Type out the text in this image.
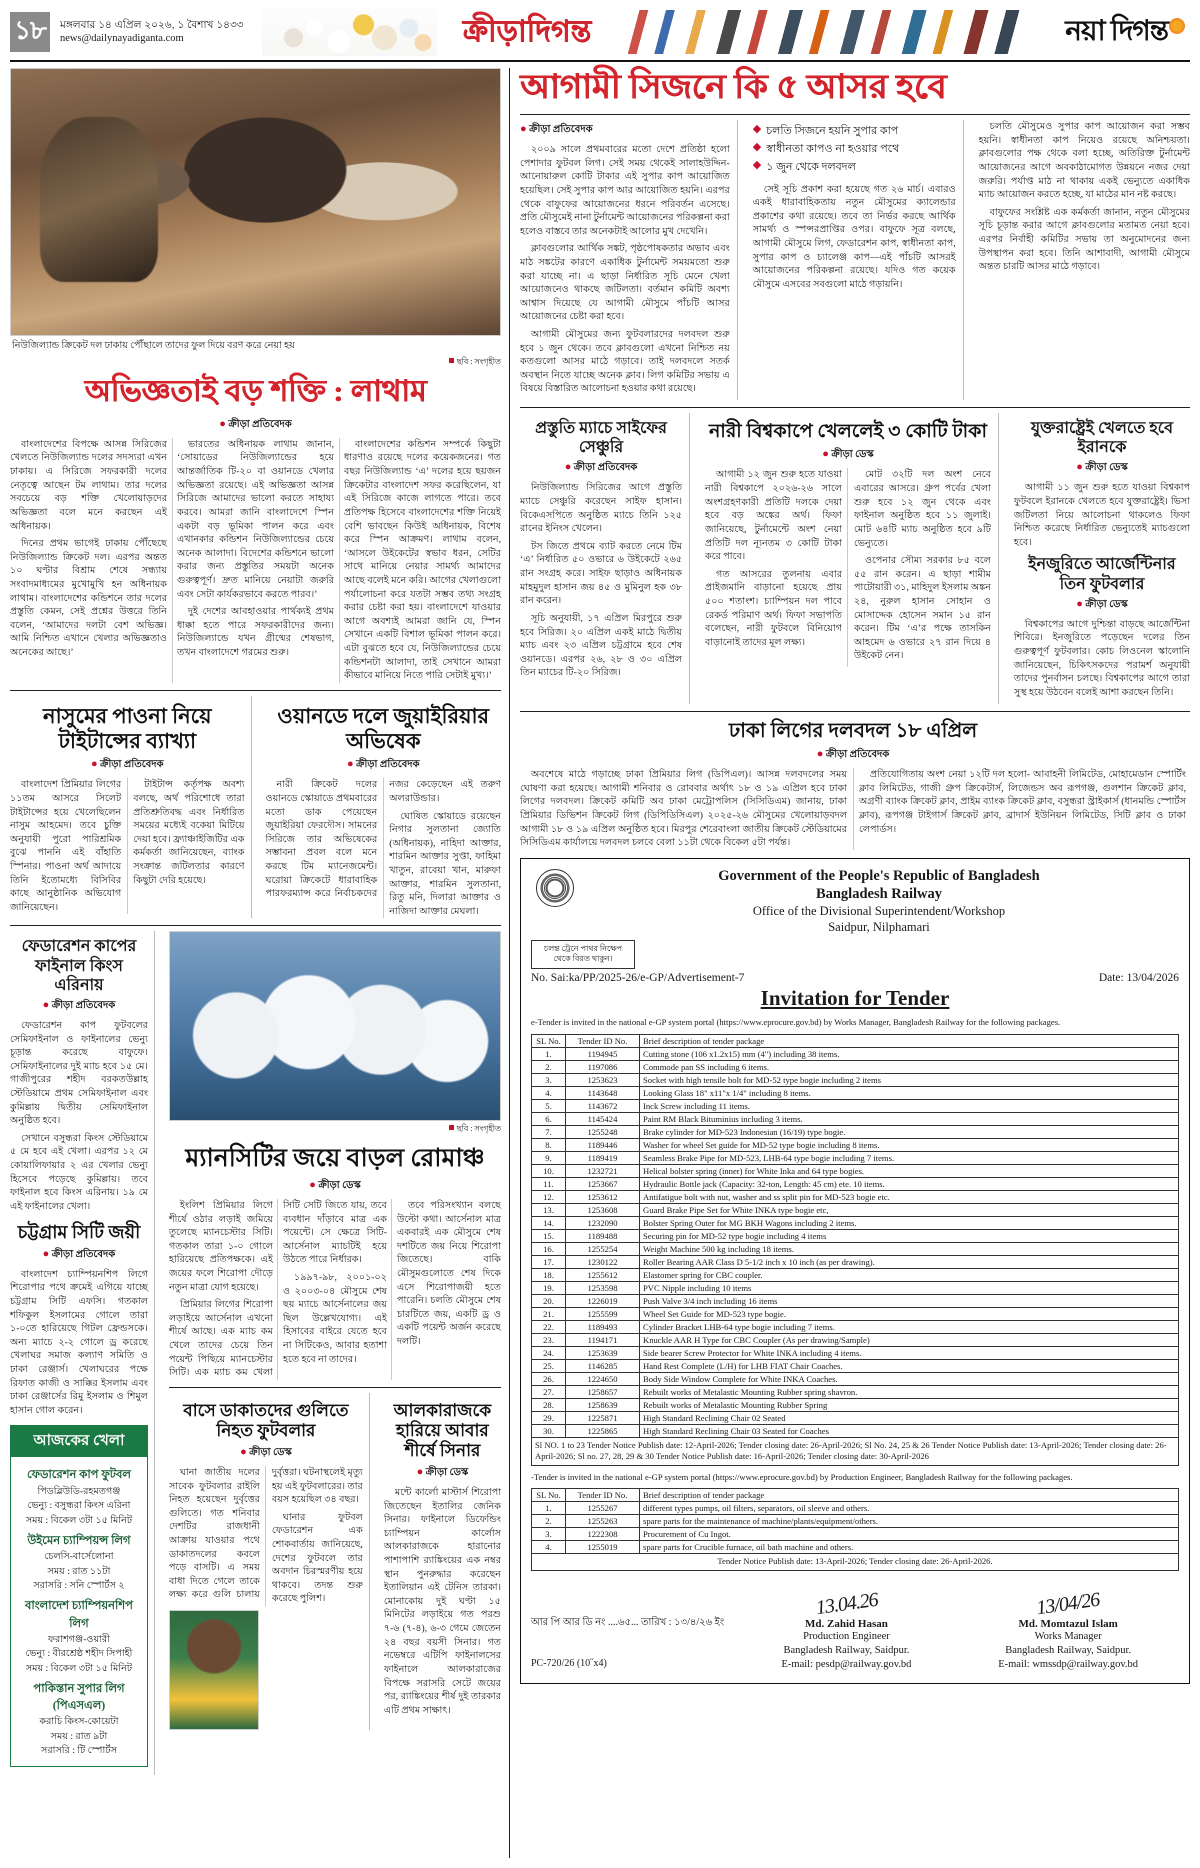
১৮	মঙ্গলবার ১৪ এপ্রিল ২০২৬, ১ বৈশাখ ১৪৩৩
news@dailynayadiganta.com	ক্রীড়াদিগন্ত	নয়া দিগন্ত
নিউজিল্যান্ড ক্রিকেট দল ঢাকায় পৌঁছালে তাদের ফুল দিয়ে বরণ করে নেয়া হয়
ছবি : সংগৃহীত
অভিজ্ঞতাই বড় শক্তি : লাথাম
● ক্রীড়া প্রতিবেদক

বাংলাদেশের বিপক্ষে আসন্ন সিরিজের খেলতে নিউজিল্যান্ড দলের সদস্যরা এখন ঢাকায়। এ সিরিজে সফরকারী দলের নেতৃত্বে আছেন টম লাথাম। তার দলের সবচেয়ে বড় শক্তি খেলোয়াড়দের অভিজ্ঞতা বলে মনে করছেন এই অধিনায়ক।

দিনের প্রথম ভাগেই ঢাকায় পৌঁছেছে নিউজিল্যান্ড ক্রিকেট দল। এরপর অন্তত ১০ ঘণ্টার বিশ্রাম শেষে সন্ধ্যায় সংবাদমাধ্যমের মুখোমুখি হন অধিনায়ক লাথাম। বাংলাদেশের কন্ডিশনে তার দলের প্রস্তুতি কেমন, সেই প্রশ্নের উত্তরে তিনি বলেন, ‘আমাদের দলটা বেশ অভিজ্ঞ। আমি নিশ্চিত এখানে খেলার অভিজ্ঞতাও অনেকের আছে।’

ভারতের অধিনায়ক লাথাম জানান, ‘সোয়াডের নিউজিল্যান্ডের হয়ে আন্তর্জাতিক টি-২০ বা ওয়ানডে খেলার অভিজ্ঞতা রয়েছে। এই অভিজ্ঞতা আসন্ন সিরিজে আমাদের ভালো করতে সাহায্য করবে। আমরা জানি বাংলাদেশে স্পিন একটা বড় ভূমিকা পালন করে এবং এখানকার কন্ডিশন নিউজিল্যান্ডের চেয়ে অনেক আলাদা। বিদেশের কন্ডিশনে ভালো করার জন্য প্রস্তুতির সময়টা অনেক গুরুত্বপূর্ণ। দ্রুত মানিয়ে নেয়াটা জরুরি এবং সেটা কার্যকরভাবে করতে পারব।’

দুই দেশের আবহাওয়ার পার্থক্যই প্রথম ধাক্কা হতে পারে সফরকারীদের জন্য। নিউজিল্যান্ডে যখন গ্রীষ্মের শেষভাগ, তখন বাংলাদেশে গরমের শুরু।

বাংলাদেশের কন্ডিশন সম্পর্কে কিছুটা ধারণাও রয়েছে দলের কয়েকজনের। গত বছর নিউজিল্যান্ড ‘এ’ দলের হয়ে ছয়জন ক্রিকেটার বাংলাদেশ সফর করেছিলেন, যা এই সিরিজে কাজে লাগতে পারে। তবে প্রতিপক্ষ হিসেবে বাংলাদেশের শক্তি নিয়েই বেশি ভাবছেন কিউই অধিনায়ক, বিশেষ করে স্পিন আক্রমণ। লাথাম বলেন, ‘আসলে উইকেটের স্বভাব ধরন, সেটির সাথে মানিয়ে নেয়ার সামর্থ্য আমাদের আছে বলেই মনে করি। আগের খেলাগুলো পর্যালোচনা করে যতটা সম্ভব তথ্য সংগ্রহ করার চেষ্টা করা হয়। বাংলাদেশে যাওয়ার আগে অবশ্যই আমরা জানি যে, স্পিন সেখানে একটি বিশাল ভূমিকা পালন করে। এটা বুঝতে হবে যে, নিউজিল্যান্ডের চেয়ে কন্ডিশনটা আলাদা, তাই সেখানে আমরা কীভাবে মানিয়ে নিতে পারি সেটাই মুখ্য।’

নাসুমের পাওনা নিয়ে টাইটান্সের ব্যাখ্যা
● ক্রীড়া প্রতিবেদক

বাংলাদেশ প্রিমিয়ার লিগের ১১তম আসরে সিলেট টাইটান্সের হয়ে খেলেছিলেন নাসুম আহমেদ। তবে চুক্তি অনুযায়ী পুরো পারিশ্রমিক বুঝে পাননি এই বাঁহাতি স্পিনার। পাওনা অর্থ আদায়ে তিনি ইতোমধ্যে বিসিবির কাছে আনুষ্ঠানিক অভিযোগ জানিয়েছেন।

টাইটান্স কর্তৃপক্ষ অবশ্য বলছে, অর্থ পরিশোধে তারা প্রতিশ্রুতিবদ্ধ এবং নির্ধারিত সময়ের মধ্যেই বকেয়া মিটিয়ে দেয়া হবে। ফ্র্যাঞ্চাইজিটির এক কর্মকর্তা জানিয়েছেন, ব্যাংক সংক্রান্ত জটিলতার কারণে কিছুটা দেরি হয়েছে।

ওয়ানডে দলে জুয়াইরিয়ার অভিষেক
● ক্রীড়া প্রতিবেদক

নারী ক্রিকেট দলের ওয়ানডে স্কোয়াডে প্রথমবারের মতো ডাক পেয়েছেন জুয়াইরিয়া ফেরদৌস। সামনের সিরিজে তার অভিষেকের সম্ভাবনা প্রবল বলে মনে করছে টিম ম্যানেজমেন্ট। ঘরোয়া ক্রিকেটে ধারাবাহিক পারফরম্যান্স করে নির্বাচকদের নজর কেড়েছেন এই তরুণ অলরাউন্ডার।

ঘোষিত স্কোয়াডে রয়েছেন নিগার সুলতানা জ্যোতি (অধিনায়ক), নাহিদা আক্তার, শারমিন আক্তার সুপ্তা, ফাহিমা খাতুন, রাবেয়া খান, মারুফা আক্তার, শারমিন সুলতানা, রিতু মনি, দিলারা আক্তার ও নাজিদা আক্তার মেঘলা।

ফেডারেশন কাপের ফাইনাল কিংস এরিনায়
● ক্রীড়া প্রতিবেদক

ফেডারেশন কাপ ফুটবলের সেমিফাইনাল ও ফাইনালের ভেন্যু চূড়ান্ত করেছে বাফুফে। সেমিফাইনালের দুই ম্যাচ হবে ১৫ মে। গাজীপুরের শহীদ বরকতউল্লাহ স্টেডিয়ামে প্রথম সেমিফাইনাল এবং কুমিল্লায় দ্বিতীয় সেমিফাইনাল অনুষ্ঠিত হবে।

সেখানে বসুন্ধরা কিংস স্টেডিয়ামে ৫ মে হবে এই খেলা। এরপর ১২ মে কোয়ালিফায়ার ২ এর খেলার ভেন্যু হিসেবে পড়েছে কুমিল্লায়। তবে ফাইনাল হবে কিংস এরিনায়। ১৯ মে এই ফাইনালের খেলা।

চট্টগ্রাম সিটি জয়ী
● ক্রীড়া প্রতিবেদক

বাংলাদেশ চ্যাম্পিয়নশিপ লিগে শিরোপার পথে ক্রমেই এগিয়ে যাচ্ছে চট্টগ্রাম সিটি এফসি। গতকাল শফিকুল ইসলামের গোলে তারা ১-০তে হারিয়েছে গিটল ফ্রেন্ডসকে। অন্য ম্যাচে ২-২ গোলে ড্র করেছে খেলাঘর সমাজ কল্যাণ সমিতি ও ঢাকা রেঞ্জার্স। খেলাঘরের পক্ষে রিফাত কাজী ও সাক্কির ইসলাম এবং ঢাকা রেঞ্জার্সের রিমু ইসলাম ও শিমুল হাসান গোল করেন।

আজকের খেলা
ফেডারেশন কাপ ফুটবল
পিডব্লিউডি-রহমতগঞ্জ
ভেন্যু : বসুন্ধরা কিংস এরিনা
সময় : বিকেল ৩টা ১৫ মিনিট
উইমেন চ্যাম্পিয়ন্স লিগ
চেলসি-বার্সেলোনা
সময় : রাত ১১টা
সরাসরি : সনি স্পোর্টস ২
বাংলাদেশ চ্যাম্পিয়নশিপ লিগ
ফরাশগঞ্জ-ওয়ারী
ভেন্যু : বীরশ্রেষ্ঠ শহীদ সিপাহী
সময় : বিকেল ৩টা ১৫ মিনিট
পাকিস্তান সুপার লিগ (পিএসএল)
করাচি কিংস-কোয়েটা
সময় : রাত ৯টা
সরাসরি : টি স্পোর্টস
ছবি : সংগৃহীত
ম্যানসিটির জয়ে বাড়ল রোমাঞ্চ
● ক্রীড়া ডেস্ক

ইংলিশ প্রিমিয়ার লিগে শীর্ষে ওঠার লড়াই জমিয়ে তুলেছে ম্যানচেস্টার সিটি। গতকাল তারা ১-০ গোলে হারিয়েছে প্রতিপক্ষকে। এই জয়ের ফলে শিরোপা দৌড়ে নতুন মাত্রা যোগ হয়েছে।

প্রিমিয়ার লিগের শিরোপা লড়াইয়ে আর্সেনাল এখনো শীর্ষে আছে। এক ম্যাচ কম খেলে তাদের চেয়ে তিন পয়েন্ট পিছিয়ে ম্যানচেস্টার সিটি। এক ম্যাচ কম খেলা সিটি সেটি জিতে যায়, তবে ব্যবধান দাঁড়াবে মাত্র এক পয়েন্টে। সে ক্ষেত্রে সিটি-আর্সেনাল ম্যাচটিই হয়ে উঠতে পারে নির্ধারক।

১৯৯৭-৯৮, ২০০১-০২ ও ২০০৩-০৪ মৌসুমে শেষ ছয় ম্যাচে আর্সেনালের জয় ছিল উল্লেখযোগ্য। এই হিসাবের বাইরে যেতে হবে না সিটিকেও, আবার হতাশা হতে হবে না তাদের।

তবে পরিসংখ্যান বলছে উল্টো কথা। আর্সেনাল মাত্র একবারই এক মৌসুমে শেষ দশটিতে জয় নিয়ে শিরোপা জিতেছে। বাকি মৌসুমগুলোতে শেষ দিকে এসে শিরোপাজয়ী হতে পারেনি। চলতি মৌসুমে শেষ চারটিতে জয়, একটি ড্র ও একটি পয়েন্ট অর্জন করেছে দলটি।

বাসে ডাকাতদের গুলিতে নিহত ফুটবলার
● ক্রীড়া ডেস্ক

ঘানা জাতীয় দলের সাবেক ফুটবলার রাইলি নিহত হয়েছেন দুর্বৃত্তের গুলিতে। গত শনিবার দেশটির রাজধানী আক্রায় যাওয়ার পথে ডাকাতদলের কবলে পড়ে বাসটি। এ সময় বাধা দিতে গেলে তাকে লক্ষ্য করে গুলি চালায় দুর্বৃত্তরা। ঘটনাস্থলেই মৃত্যু হয় এই ফুটবলারের। তার বয়স হয়েছিল ৩৪ বছর।

ঘানার ফুটবল ফেডারেশন এক শোকবার্তায় জানিয়েছে, দেশের ফুটবলে তার অবদান চিরস্মরণীয় হয়ে থাকবে। তদন্ত শুরু করেছে পুলিশ।

আলকারাজকে হারিয়ে আবার শীর্ষে সিনার
● ক্রীড়া ডেস্ক

মন্টে কার্লো মাস্টার্স শিরোপা জিতেছেন ইতালির জেনিক সিনার। ফাইনালে ডিফেন্ডিং চ্যাম্পিয়ন কার্লোস আলকারাজকে হারানোর পাশাপাশি র‍্যাঙ্কিংয়ের এক নম্বর স্থান পুনরুদ্ধার করেছেন ইতালিয়ান এই টেনিস তারকা। মোনাকোয় দুই ঘণ্টা ১৫ মিনিটের লড়াইয়ে গত পরশু ৭-৬ (৭-৪), ৬-৩ গেমে জেতেন ২৪ বছর বয়সী সিনার। গত নভেম্বরে এটিপি ফাইনালসের ফাইনালে আলকারাজের বিপক্ষে সরাসরি সেটে জয়ের পর, র‍্যাঙ্কিংয়ের শীর্ষ দুই তারকার এটি প্রথম সাক্ষাৎ।

আগামী সিজনে কি ৫ আসর হবে
● ক্রীড়া প্রতিবেদক

২০০৯ সালে প্রথমবারের মতো দেশে প্রতিষ্ঠা হলো পেশাদার ফুটবল লিগ। সেই সময় থেকেই সালাহউদ্দিন-আনোয়ারুল কোটি টাকার এই সুপার কাপ আয়োজিত হয়েছিল। সেই সুপার কাপ আর আয়োজিত হয়নি। এরপর থেকে বাফুফের আয়োজনের ধরনে পরিবর্তন এসেছে। প্রতি মৌসুমেই নানা টুর্নামেন্ট আয়োজনের পরিকল্পনা করা হলেও বাস্তবে তার অনেকটাই আলোর মুখ দেখেনি।

ক্লাবগুলোর আর্থিক সঙ্কট, পৃষ্ঠপোষকতার অভাব এবং মাঠ সঙ্কটের কারণে একাধিক টুর্নামেন্ট সময়মতো শুরু করা যাচ্ছে না। এ ছাড়া নির্ধারিত সূচি মেনে খেলা আয়োজনেও থাকছে জটিলতা। বর্তমান কমিটি অবশ্য আশ্বাস দিয়েছে যে আগামী মৌসুমে পাঁচটি আসর আয়োজনের চেষ্টা করা হবে।

আগামী মৌসুমের জন্য ফুটবলারদের দলবদল শুরু হবে ১ জুন থেকে। তবে ক্লাবগুলো এখনো নিশ্চিত নয় কতগুলো আসর মাঠে গড়াবে। তাই দলবদলে সতর্ক অবস্থান নিতে যাচ্ছে অনেক ক্লাব। লিগ কমিটির সভায় এ বিষয়ে বিস্তারিত আলোচনা হওয়ার কথা রয়েছে।

◆ চলতি সিজনে হয়নি সুপার কাপ
◆ স্বাধীনতা কাপও না হওয়ার পথে
◆ ১ জুন থেকে দলবদল

সেই সূচি প্রকাশ করা হয়েছে গত ২৬ মার্চ। এবারও একই ধারাবাহিকতায় নতুন মৌসুমের ক্যালেন্ডার প্রকাশের কথা রয়েছে। তবে তা নির্ভর করছে আর্থিক সামর্থ্য ও স্পন্সরপ্রাপ্তির ওপর। বাফুফে সূত্র বলছে, আগামী মৌসুমে লিগ, ফেডারেশন কাপ, স্বাধীনতা কাপ, সুপার কাপ ও চ্যালেঞ্জ কাপ—এই পাঁচটি আসরই আয়োজনের পরিকল্পনা রয়েছে। যদিও গত কয়েক মৌসুমে এসবের সবগুলো মাঠে গড়ায়নি।

চলতি মৌসুমেও সুপার কাপ আয়োজন করা সম্ভব হয়নি। স্বাধীনতা কাপ নিয়েও রয়েছে অনিশ্চয়তা। ক্লাবগুলোর পক্ষ থেকে বলা হচ্ছে, অতিরিক্ত টুর্নামেন্ট আয়োজনের আগে অবকাঠামোগত উন্নয়নে নজর দেয়া জরুরি। পর্যাপ্ত মাঠ না থাকায় একই ভেন্যুতে একাধিক ম্যাচ আয়োজন করতে হচ্ছে, যা মাঠের মান নষ্ট করছে।

বাফুফের সংশ্লিষ্ট এক কর্মকর্তা জানান, নতুন মৌসুমের সূচি চূড়ান্ত করার আগে ক্লাবগুলোর মতামত নেয়া হবে। এরপর নির্বাহী কমিটির সভায় তা অনুমোদনের জন্য উপস্থাপন করা হবে। তিনি আশাবাদী, আগামী মৌসুমে অন্তত চারটি আসর মাঠে গড়াবে।

প্রস্তুতি ম্যাচে সাইফের সেঞ্চুরি
● ক্রীড়া প্রতিবেদক

নিউজিল্যান্ড সিরিজের আগে প্রস্তুতি ম্যাচে সেঞ্চুরি করেছেন সাইফ হাসান। বিকেএসপিতে অনুষ্ঠিত ম্যাচে তিনি ১২৫ রানের ইনিংস খেলেন।

টস জিতে প্রথমে ব্যাট করতে নেমে টিম ‘এ’ নির্ধারিত ৫০ ওভারে ৬ উইকেটে ২৬৫ রান সংগ্রহ করে। সাইফ ছাড়াও অধিনায়ক মাহমুদুল হাসান জয় ৪৫ ও মুমিনুল হক ৩৮ রান করেন।

সূচি অনুযায়ী, ১৭ এপ্রিল মিরপুরে শুরু হবে সিরিজ। ২০ এপ্রিল একই মাঠে দ্বিতীয় ম্যাচ এবং ২৩ এপ্রিল চট্টগ্রামে হবে শেষ ওয়ানডে। এরপর ২৬, ২৮ ও ৩০ এপ্রিল তিন ম্যাচের টি-২০ সিরিজ।

নারী বিশ্বকাপে খেললেই ৩ কোটি টাকা
● ক্রীড়া ডেস্ক

আগামী ১২ জুন শুরু হতে যাওয়া নারী বিশ্বকাপে ২০২৬-২৬ সালে অংশগ্রহণকারী প্রতিটি দলকে দেয়া হবে বড় অঙ্কের অর্থ। ফিফা জানিয়েছে, টুর্নামেন্টে অংশ নেয়া প্রতিটি দল ন্যূনতম ৩ কোটি টাকা করে পাবে।

গত আসরের তুলনায় এবার প্রাইজমানি বাড়ানো হয়েছে প্রায় ৫০০ শতাংশ। চ্যাম্পিয়ন দল পাবে রেকর্ড পরিমাণ অর্থ। ফিফা সভাপতি বলেছেন, নারী ফুটবলে বিনিয়োগ বাড়ানোই তাদের মূল লক্ষ্য।

মোট ৩২টি দল অংশ নেবে এবারের আসরে। গ্রুপ পর্বের খেলা শুরু হবে ১২ জুন থেকে এবং ফাইনাল অনুষ্ঠিত হবে ১১ জুলাই। মোট ৬৪টি ম্যাচ অনুষ্ঠিত হবে ৯টি ভেন্যুতে।

ওপেনার সৌম্য সরকার ৮৫ বলে ৫৫ রান করেন। এ ছাড়া শামীম পাটোয়ারী ৩১, মাহিদুল ইসলাম অঙ্কন ২৪, নুরুল হাসান সোহান ও মোসাদ্দেক হোসেন সমান ১৫ রান করেন। টিম ‘এ’র পক্ষে তাসকিন আহমেদ ৬ ওভারে ২৭ রান দিয়ে ৪ উইকেট নেন।

যুক্তরাষ্ট্রেই খেলতে হবে ইরানকে
● ক্রীড়া ডেস্ক

আগামী ১১ জুন শুরু হতে যাওয়া বিশ্বকাপ ফুটবলে ইরানকে খেলতে হবে যুক্তরাষ্ট্রেই। ভিসা জটিলতা নিয়ে আলোচনা থাকলেও ফিফা নিশ্চিত করেছে নির্ধারিত ভেন্যুতেই ম্যাচগুলো হবে।

ইনজুরিতে আর্জেন্টিনার তিন ফুটবলার
● ক্রীড়া ডেস্ক

বিশ্বকাপের আগে দুশ্চিন্তা বাড়ছে আর্জেন্টিনা শিবিরে। ইনজুরিতে পড়েছেন দলের তিন গুরুত্বপূর্ণ ফুটবলার। কোচ লিওনেল স্কালোনি জানিয়েছেন, চিকিৎসকদের পরামর্শ অনুযায়ী তাদের পুনর্বাসন চলছে। বিশ্বকাপের আগে তারা সুস্থ হয়ে উঠবেন বলেই আশা করছেন তিনি।

ঢাকা লিগের দলবদল ১৮ এপ্রিল
● ক্রীড়া প্রতিবেদক

অবশেষে মাঠে গড়াচ্ছে ঢাকা প্রিমিয়ার লিগ (ডিপিএল)। আসন্ন দলবদলের সময় ঘোষণা করা হয়েছে। আগামী শনিবার ও রোববার অর্থাৎ ১৮ ও ১৯ এপ্রিল হবে ঢাকা লিগের দলবদল। ক্রিকেট কমিটি অব ঢাকা মেট্রোপলিস (সিসিডিএম) জানায়, ঢাকা প্রিমিয়ার ডিভিশন ক্রিকেট লিগ (ডিপিডিসিএল) ২০২৫-২৬ মৌসুমের খেলোয়াড়বদল আগামী ১৮ ও ১৯ এপ্রিল অনুষ্ঠিত হবে। মিরপুর শেরেবাংলা জাতীয় ক্রিকেট স্টেডিয়ামের সিসিডিএম কার্যালয়ে দলবদল চলবে বেলা ১১টা থেকে বিকেল ৫টা পর্যন্ত।

প্রতিযোগিতায় অংশ নেয়া ১২টি দল হলো- আবাহনী লিমিটেড, মোহামেডান স্পোর্টিং ক্লাব লিমিটেড, গাজী গ্রুপ ক্রিকেটার্স, লিজেন্ডস অব রূপগঞ্জ, গুলশান ক্রিকেট ক্লাব, অগ্রণী ব্যাংক ক্রিকেট ক্লাব, প্রাইম ব্যাংক ক্রিকেট ক্লাব, বসুন্ধরা স্ট্রাইকার্স (ধানমন্ডি স্পোর্টস ক্লাব), রূপগঞ্জ টাইগার্স ক্রিকেট ক্লাব, ব্রাদার্স ইউনিয়ন লিমিটেড, সিটি ক্লাব ও ঢাকা লেপার্ডস।

Government of the People's Republic of Bangladesh
Bangladesh Railway
Office of the Divisional Superintendent/Workshop
Saidpur, Nilphamari
চলন্ত ট্রেনে পাথর নিক্ষেপ থেকে বিরত থাকুন।
No. Sai:ka/PP/2025-26/e-GP/Advertisement-7	Date: 13/04/2026
Invitation for Tender

e-Tender is invited in the national e-GP system portal (https://www.eprocure.gov.bd) by Works Manager, Bangladesh Railway for the following packages.

SL No.	Tender ID No.	Brief description of tender package
1.	1194945	Cutting stone (106 x1.2x15) mm (4") including 38 items.
2.	1197086	Commode pan SS including 6 items.
3.	1253623	Socket with high tensile bolt for MD-52 type bogie including 2 items
4.	1143648	Looking Glass 18" x11"x 1/4" including 8 items.
5.	1143672	Inck Screw including 11 items.
6.	1145424	Paint RM Black Bituminius including 3 items.
7.	1255248	Brake cylinder for MD-523 Indonesian (16/19) type bogie.
8.	1189446	Washer for wheel Set guide for MD-52 type bogie including 8 items.
9.	1189419	Seamless Brake Pipe for MD-523, LHB-64 type bogie including 7 items.
10.	1232721	Helical bolster spring (inner) for White Inka and 64 type bogies.
11.	1253667	Hydraulic Bottle jack (Capacity: 32-ton, Length: 45 cm) ete. 10 items.
12.	1253612	Antifatigue bolt with nut, washer and ss split pin for MD-523 bogie etc.
13.	1253608	Guard Brake Pipe Set for White INKA type bogie etc,
14.	1232090	Bolster Spring Outer for MG BKH Wagons including 2 items.
15.	1189488	Securing pin for MD-52 type bogie including 4 items
16.	1255254	Weight Machine 500 kg including 18 items.
17.	1230122	Roller Bearing AAR Class D 5-1/2 inch x 10 inch (as per drawing).
18.	1255612	Elastomer spring for CBC coupler.
19.	1253598	PVC Nipple including 10 items
20.	1226019	Push Valve 3/4 inch including 16 items
21.	1255599	Wheel Set Guide for MD-523 type bogie.
22.	1189493	Cylinder Bracket LHB-64 type bogie including 7 items.
23.	1194171	Knuckle AAR H Type for CBC Coupler (As per drawing/Sample)
24.	1253639	Side bearer Screw Protector for White INKA including 4 items.
25.	1146285	Hand Rest Complete (L/H) for LHB FIAT Chair Coaches.
26.	1224650	Body Side Window Complete for White INKA Coaches.
27.	1258657	Rebuilt works of Metalastic Mounting Rubber spring shavron.
28.	1258639	Rebuilt works of Metalastic Mounting Rubber Spring
29.	1225871	High Standard Reclining Chair 02 Seated
30.	1225865	High Standard Reclining Chair 03 Seated for Coaches
Sl NO. 1 to 23 Tender Notice Publish date: 12-April-2026; Tender closing date: 26-April-2026; Sl No. 24, 25 & 26 Tender Notice Publish date: 13-April-2026; Tender closing date: 26-April-2026; Sl no. 27, 28, 29 & 30 Tender Notice Publish date: 16-April-2026; Tender closing date: 30-April-2026

-Tender is invited in the national e-GP system portal (https://www.eprocure.gov.bd) by Production Engineer, Bangladesh Railway for the following packages.

SL No.	Tender ID No.	Brief description of tender package
1.	1255267	different types pumps, oil filters, separators, oil sleeve and others.
2.	1255263	spare parts for the maintenance of machine/plants/equipment/others.
3.	1222308	Procurement of Cu Ingot.
4.	1255019	spare parts for Crucible furnace, oil bath machine and others.
Tender Notice Publish date: 13-April-2026; Tender closing date: 26-April-2026.
আর পি আর ডি নং ....৬৫... তারিখ : ১৩/৪/২৬ ইং
PC-720/26 (10˝x4)
13.04.26
Md. Zahid Hasan
Production Engineer
Bangladesh Railway, Saidpur.
E-mail: pesdp@railway.gov.bd
13/04/26
Md. Momtazul Islam
Works Manager
Bangladesh Railway, Saidpur.
E-mail: wmssdp@railway.gov.bd
